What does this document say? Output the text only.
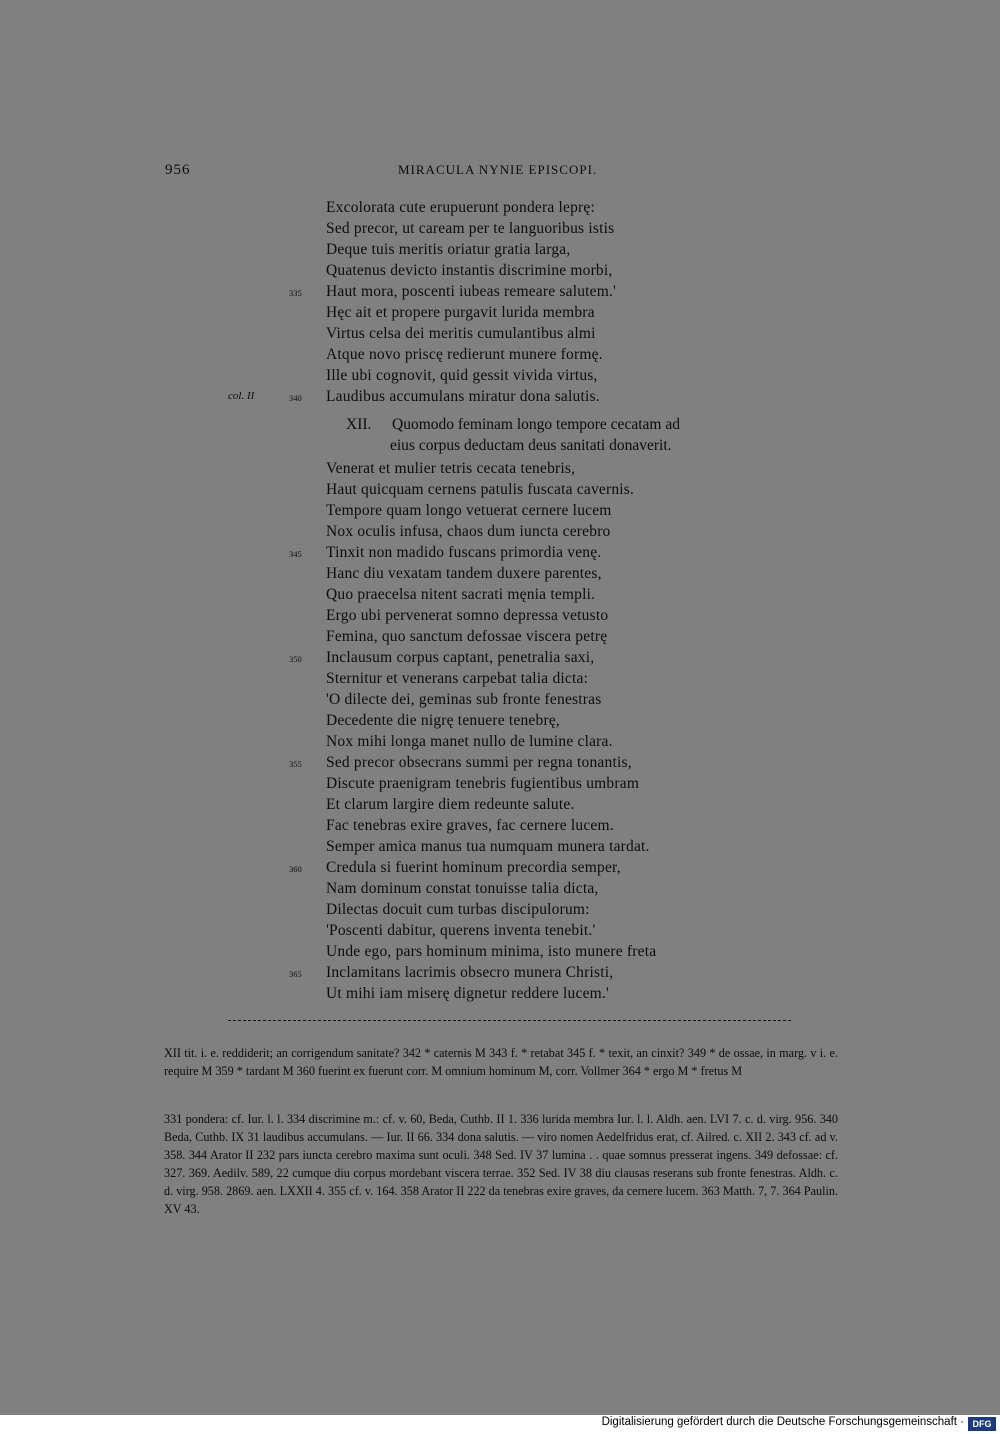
956	MIRACULA NYNIE EPISCOPI.
Excolorata cute erupuerunt pondera leprę:
Sed precor, ut caream per te languoribus istis
Deque tuis meritis oriatur gratia larga,
Quatenus devicto instantis discrimine morbi,
Haut mora, poscenti iubeas remeare salutem.'
335
Hęc ait et propere purgavit lurida membra
Virtus celsa dei meritis cumulantibus almi
Atque novo priscę redierunt munere formę.
Ille ubi cognovit, quid gessit vivida virtus,
Laudibus accumulans miratur dona salutis.
340
col. II
XII. Quomodo feminam longo tempore cecatam ad
eius corpus deductam deus sanitati donaverit.
Venerat et mulier tetris cecata tenebris,
Haut quicquam cernens patulis fuscata cavernis.
Tempore quam longo vetuerat cernere lucem
Nox oculis infusa, chaos dum iuncta cerebro
Tinxit non madido fuscans primordia venę.
345
Hanc diu vexatam tandem duxere parentes,
Quo praecelsa nitent sacrati męnia templi.
Ergo ubi pervenerat somno depressa vetusto
Femina, quo sanctum defossae viscera petrę
Inclausum corpus captant, penetralia saxi,
350
Sternitur et venerans carpebat talia dicta:
'O dilecte dei, geminas sub fronte fenestras
Decedente die nigrę tenuere tenebrę,
Nox mihi longa manet nullo de lumine clara.
Sed precor obsecrans summi per regna tonantis,
355
Discute praenigram tenebris fugientibus umbram
Et clarum largire diem redeunte salute.
Fac tenebras exire graves, fac cernere lucem.
Semper amica manus tua numquam munera tardat.
Credula si fuerint hominum precordia semper,
360
Nam dominum constat tonuisse talia dicta,
Dilectas docuit cum turbas discipulorum:
'Poscenti dabitur, querens inventa tenebit.'
Unde ego, pars hominum minima, isto munere freta
Inclamitans lacrimis obsecro munera Christi,
365
Ut mihi iam miserę dignetur reddere lucem.'
XII tit. i. e. reddiderit; an corrigendum sanitate? 342 * caternis M 343 f. * retabat 345 f. * texit, an cinxit? 349 * de ossae, in marg. v i. e. require M 359 * tardant M 360 fuerint ex fuerunt corr. M omnium hominum M, corr. Vollmer 364 * ergo M * fretus M
331 pondera: cf. Iur. l. l. 334 discrimine m.: cf. v. 60, Beda, Cuthb. II 1. 336 lurida membra Iur. l. l. Aldh. aen. LVI 7. c. d. virg. 956. 340 Beda, Cuthb. IX 31 laudibus accumulans. — Iur. II 66. 334 dona salutis. — viro nomen Aedelfridus erat, cf. Ailred. c. XII 2. 343 cf. ad v. 358. 344 Arator II 232 pars iuncta cerebro maxima sunt oculi. 348 Sed. IV 37 lumina . . quae somnus presserat ingens. 349 defossae: cf. 327. 369. Aedilv. 589, 22 cumque diu corpus mordebant viscera terrae. 352 Sed. IV 38 diu clausas reserans sub fronte fenestras. Aldh. c. d. virg. 958. 2869. aen. LXXII 4. 355 cf. v. 164. 358 Arator II 222 da tenebras exire graves, da cernere lucem. 363 Matth. 7, 7. 364 Paulin. XV 43.
Digitalisierung gefördert durch die Deutsche Forschungsgemeinschaft · DFG
